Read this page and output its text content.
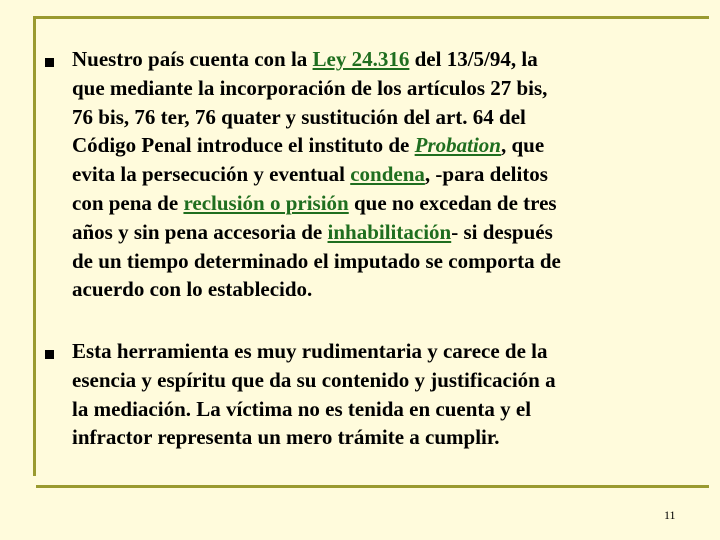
Nuestro país cuenta con la Ley 24.316 del 13/5/94, la
que mediante la incorporación de los artículos 27 bis,
76 bis, 76 ter, 76 quater y sustitución del art. 64 del
Código Penal introduce el instituto de Probation, que
evita la persecución y eventual condena, -para delitos
con pena de reclusión o prisión que no excedan de tres
años y sin pena accesoria de inhabilitación- si después
de un tiempo determinado el imputado se comporta de
acuerdo con lo establecido.

Esta herramienta es muy rudimentaria y carece de la
esencia y espíritu que da su contenido y justificación a
la mediación. La víctima no es tenida en cuenta y el
infractor representa un mero trámite a cumplir.

11
